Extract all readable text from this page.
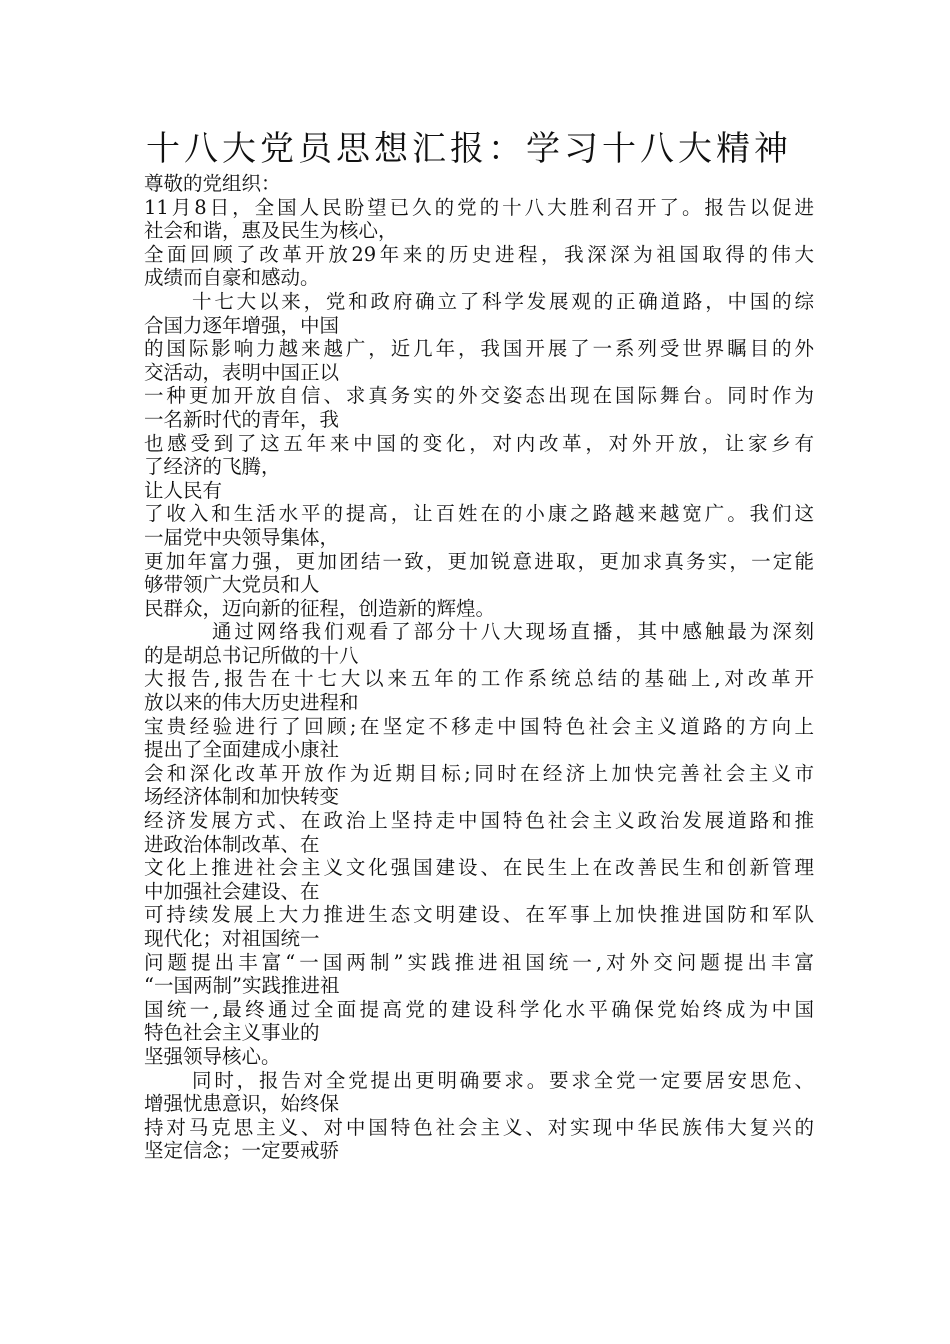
十八大党员思想汇报：学习十八大精神
尊敬的党组织：
11月8日，全国人民盼望已久的党的十八大胜利召开了。报告以促进
社会和谐，惠及民生为核心，
全面回顾了改革开放29年来的历史进程，我深深为祖国取得的伟大
成绩而自豪和感动。
十七大以来，党和政府确立了科学发展观的正确道路，中国的综
合国力逐年增强，中国
的国际影响力越来越广，近几年，我国开展了一系列受世界瞩目的外
交活动，表明中国正以
一种更加开放自信、求真务实的外交姿态出现在国际舞台。同时作为
一名新时代的青年，我
也感受到了这五年来中国的变化，对内改革，对外开放，让家乡有
了经济的飞腾，
让人民有
了收入和生活水平的提高，让百姓在的小康之路越来越宽广。我们这
一届党中央领导集体，
更加年富力强，更加团结一致，更加锐意进取，更加求真务实，一定能
够带领广大党员和人
民群众，迈向新的征程，创造新的辉煌。
通过网络我们观看了部分十八大现场直播，其中感触最为深刻
的是胡总书记所做的十八
大报告,报告在十七大以来五年的工作系统总结的基础上,对改革开
放以来的伟大历史进程和
宝贵经验进行了回顾;在坚定不移走中国特色社会主义道路的方向上
提出了全面建成小康社
会和深化改革开放作为近期目标;同时在经济上加快完善社会主义市
场经济体制和加快转变
经济发展方式、在政治上坚持走中国特色社会主义政治发展道路和推
进政治体制改革、在
文化上推进社会主义文化强国建设、在民生上在改善民生和创新管理
中加强社会建设、在
可持续发展上大力推进生态文明建设、在军事上加快推进国防和军队
现代化；对祖国统一
问题提出丰富“一国两制”实践推进祖国统一,对外交问题提出丰富
“一国两制”实践推进祖
国统一,最终通过全面提高党的建设科学化水平确保党始终成为中国
特色社会主义事业的
坚强领导核心。
同时，报告对全党提出更明确要求。要求全党一定要居安思危、
增强忧患意识，始终保
持对马克思主义、对中国特色社会主义、对实现中华民族伟大复兴的
坚定信念；一定要戒骄
